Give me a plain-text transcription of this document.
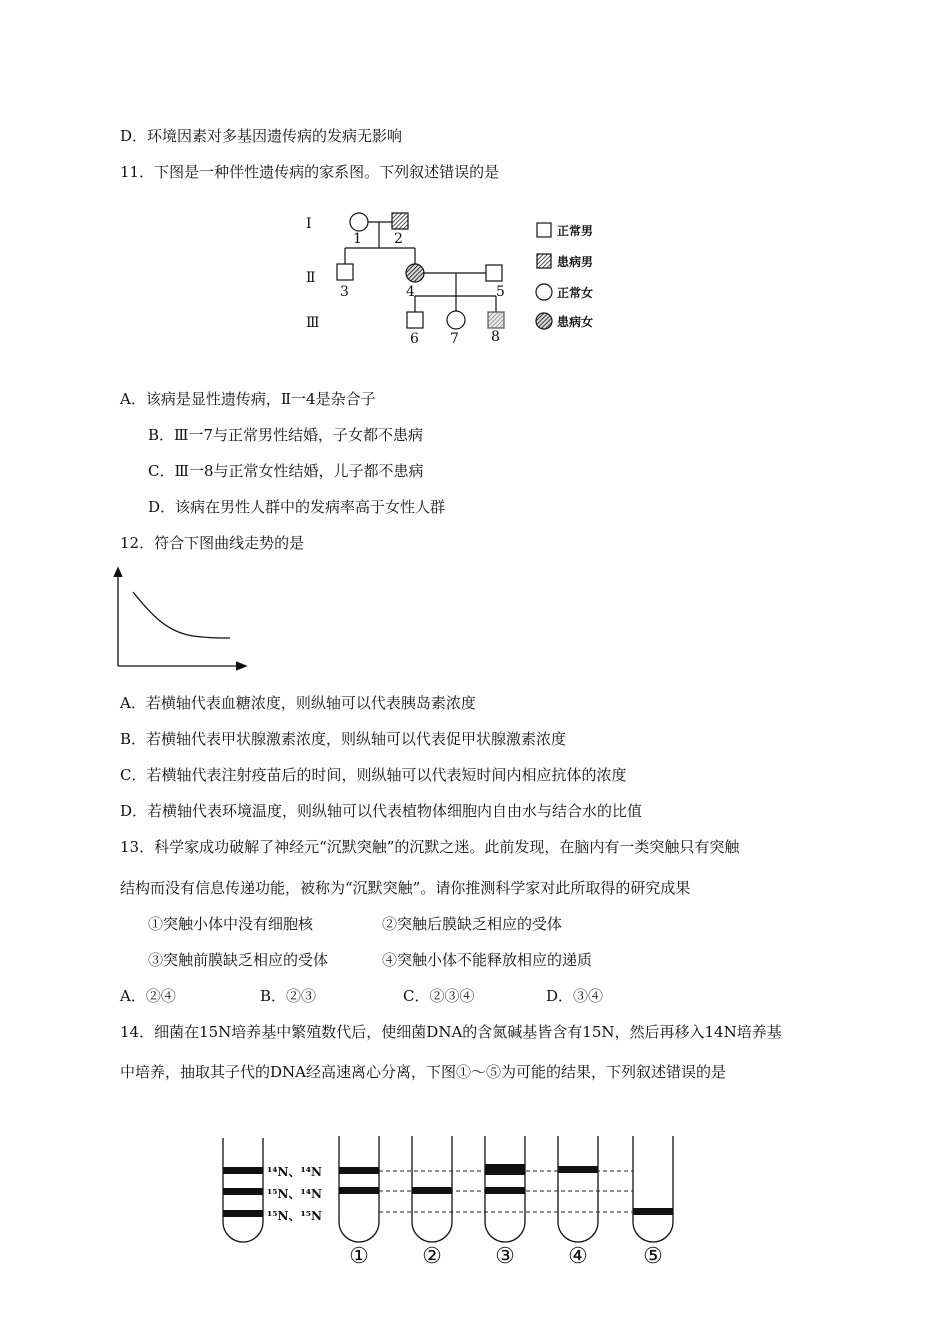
D．环境因素对多基因遗传病的发病无影响
11．下图是一种伴性遗传病的家系图。下列叙述错误的是
Ⅰ
Ⅱ
Ⅲ
1 2
3	4	5
6 7 8
正常男
患病男
正常女
患病女
A．该病是显性遗传病，Ⅱ一4是杂合子
B．Ⅲ一7与正常男性结婚，子女都不患病
C．Ⅲ一8与正常女性结婚，儿子都不患病
D．该病在男性人群中的发病率高于女性人群
12．符合下图曲线走势的是
A．若横轴代表血糖浓度，则纵轴可以代表胰岛素浓度
B．若横轴代表甲状腺激素浓度，则纵轴可以代表促甲状腺激素浓度
C．若横轴代表注射疫苗后的时间，则纵轴可以代表短时间内相应抗体的浓度
D．若横轴代表环境温度，则纵轴可以代表植物体细胞内自由水与结合水的比值
13．科学家成功破解了神经元“沉默突触”的沉默之迷。此前发现，在脑内有一类突触只有突触
结构而没有信息传递功能，被称为“沉默突触”。请你推测科学家对此所取得的研究成果
①突触小体中没有细胞核	②突触后膜缺乏相应的受体
③突触前膜缺乏相应的受体	④突触小体不能释放相应的递质
A．②④	B．②③	C．②③④	D．③④
14．细菌在15N培养基中繁殖数代后，使细菌DNA的含氮碱基皆含有15N，然后再移入14N培养基
中培养，抽取其子代的DNA经高速离心分离，下图①～⑤为可能的结果，下列叙述错误的是
¹⁴N、¹⁴N
¹⁵N、¹⁴N
¹⁵N、¹⁵N
① ② ③ ④	⑤
